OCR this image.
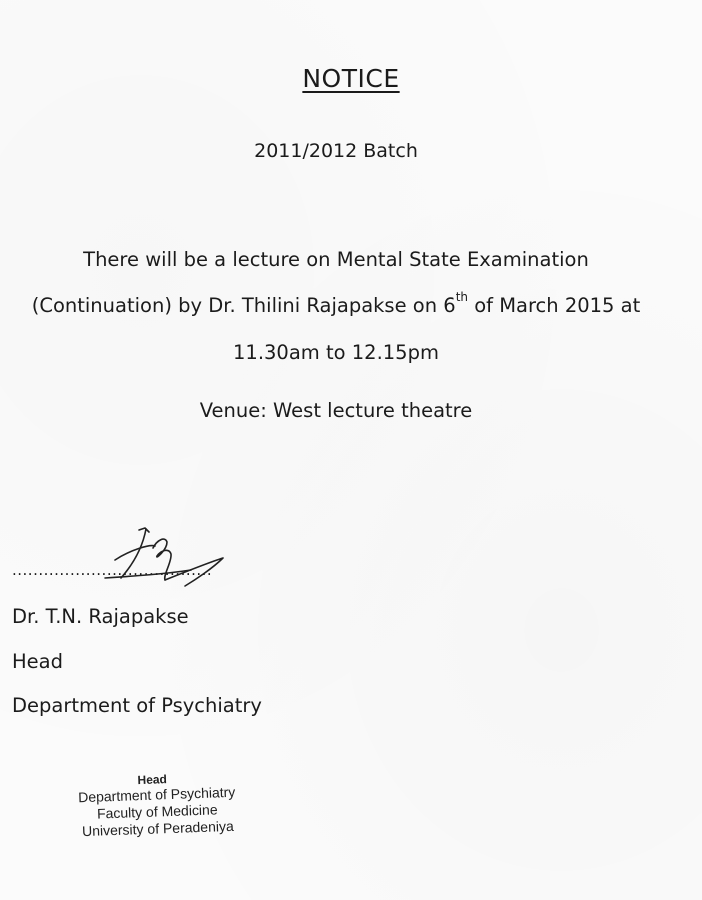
NOTICE
2011/2012 Batch
There will be a lecture on Mental State Examination
(Continuation) by Dr. Thilini Rajapakse on 6th of March 2015 at
11.30am to 12.15pm
Venue: West lecture theatre
......................................
Dr. T.N. Rajapakse
Head
Department of Psychiatry
Head
Department of Psychiatry
Faculty of Medicine
University of Peradeniya
